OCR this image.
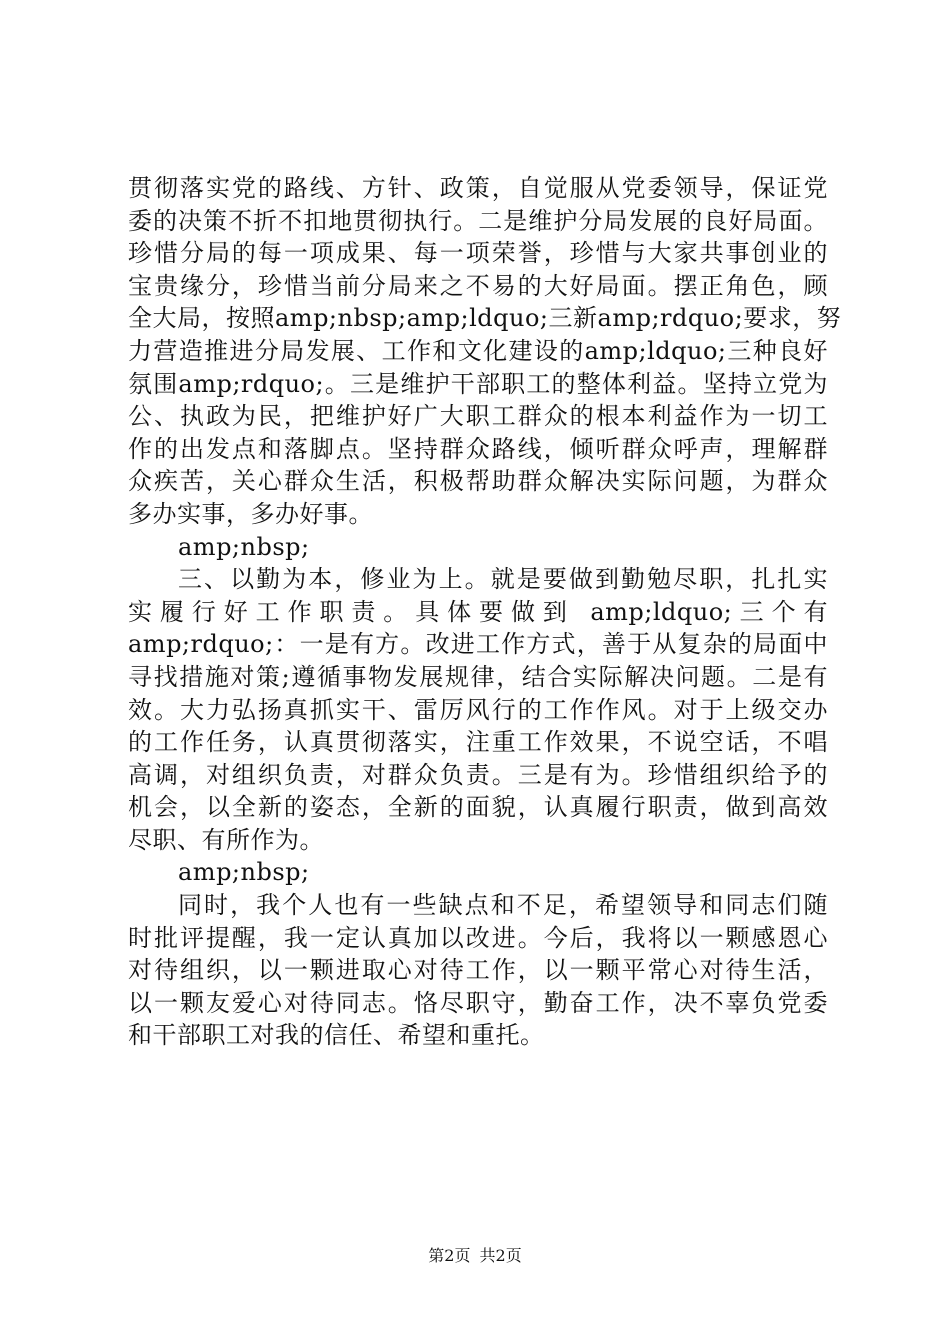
贯彻落实党的路线、方针、政策，自觉服从党委领导，保证党
委的决策不折不扣地贯彻执行。二是维护分局发展的良好局面。
珍惜分局的每一项成果、每一项荣誉，珍惜与大家共事创业的
宝贵缘分，珍惜当前分局来之不易的大好局面。摆正角色，顾
全大局，按照amp;nbsp;amp;ldquo;三新amp;rdquo;要求，努
力营造推进分局发展、工作和文化建设的amp;ldquo;三种良好
氛围amp;rdquo;。三是维护干部职工的整体利益。坚持立党为
公、执政为民，把维护好广大职工群众的根本利益作为一切工
作的出发点和落脚点。坚持群众路线，倾听群众呼声，理解群
众疾苦，关心群众生活，积极帮助群众解决实际问题，为群众
多办实事，多办好事。
amp;nbsp;
三、以勤为本，修业为上。就是要做到勤勉尽职，扎扎实
实履行好工作职责。具体要做到 amp;ldquo;三个有
amp;rdquo;：一是有方。改进工作方式，善于从复杂的局面中
寻找措施对策;遵循事物发展规律，结合实际解决问题。二是有
效。大力弘扬真抓实干、雷厉风行的工作作风。对于上级交办
的工作任务，认真贯彻落实，注重工作效果，不说空话，不唱
高调，对组织负责，对群众负责。三是有为。珍惜组织给予的
机会，以全新的姿态，全新的面貌，认真履行职责，做到高效
尽职、有所作为。
amp;nbsp;
同时，我个人也有一些缺点和不足，希望领导和同志们随
时批评提醒，我一定认真加以改进。今后，我将以一颗感恩心
对待组织，以一颗进取心对待工作，以一颗平常心对待生活，
以一颗友爱心对待同志。恪尽职守，勤奋工作，决不辜负党委
和干部职工对我的信任、希望和重托。
第2页 共2页
